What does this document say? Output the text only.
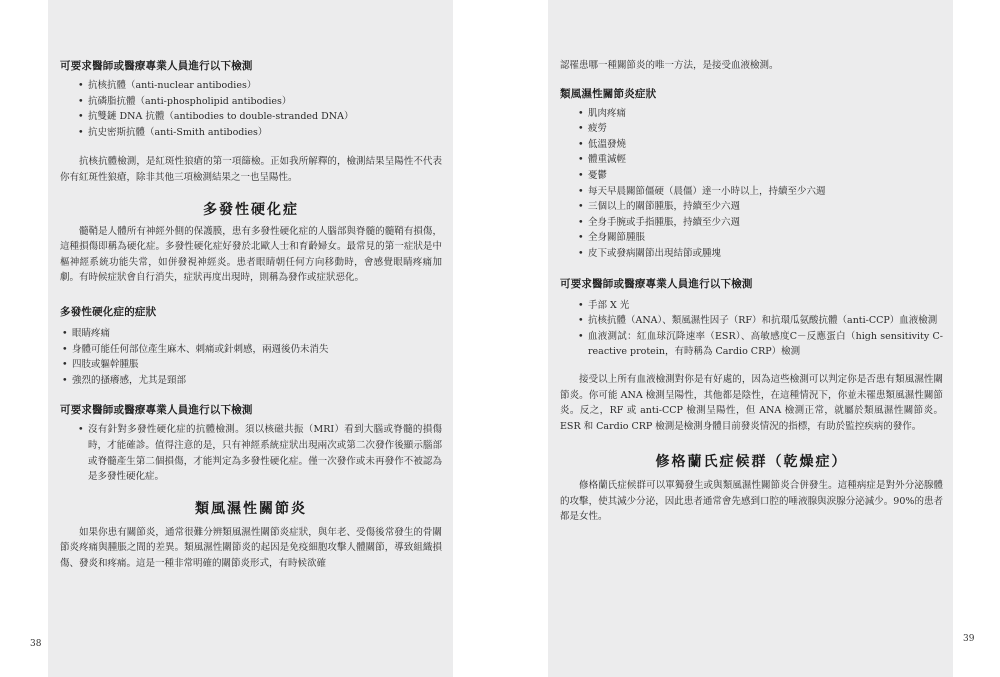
38	39
可要求醫師或醫療專業人員進行以下檢測
• 抗核抗體（anti-nuclear antibodies）
• 抗磷脂抗體（anti-phospholipid antibodies）
• 抗雙鏈 DNA 抗體（antibodies to double-stranded DNA）
• 抗史密斯抗體（anti-Smith antibodies）

抗核抗體檢測，是紅斑性狼瘡的第一項篩檢。正如我所解釋的，檢測結果呈陽性不代表你有紅斑性狼瘡，除非其他三項檢測結果之一也呈陽性。

多發性硬化症

髓鞘是人體所有神經外側的保護膜，患有多發性硬化症的人腦部與脊髓的髓鞘有損傷，這種損傷即稱為硬化症。多發性硬化症好發於北歐人士和育齡婦女。最常見的第一症狀是中樞神經系統功能失常，如併發視神經炎。患者眼睛朝任何方向移動時，會感覺眼睛疼痛加劇。有時候症狀會自行消失，症狀再度出現時，則稱為發作或症狀惡化。

多發性硬化症的症狀
• 眼睛疼痛
• 身體可能任何部位產生麻木、刺痛或針刺感，兩週後仍未消失
• 四肢或軀幹腫脹
• 強烈的搔癢感，尤其是頸部
可要求醫師或醫療專業人員進行以下檢測
• 沒有針對多發性硬化症的抗體檢測。須以核磁共振（MRI）看到大腦或脊髓的損傷時，才能確診。值得注意的是，只有神經系統症狀出現兩次或第二次發作後顯示腦部或脊髓產生第二個損傷，才能判定為多發性硬化症。僅一次發作或未再發作不被認為是多發性硬化症。
類風濕性關節炎

如果你患有關節炎，通常很難分辨類風濕性關節炎症狀，與年老、受傷後常發生的骨關節炎疼痛與腫脹之間的差異。類風濕性關節炎的起因是免疫細胞攻擊人體關節，導致組織損傷、發炎和疼痛。這是一種非常明確的關節炎形式，有時候欲確

認罹患哪一種關節炎的唯一方法，是接受血液檢測。

類風濕性關節炎症狀
• 肌肉疼痛
• 疲勞
• 低溫發燒
• 體重減輕
• 憂鬱
• 每天早晨關節僵硬（晨僵）達一小時以上，持續至少六週
• 三個以上的關節腫脹，持續至少六週
• 全身手腕或手指腫脹，持續至少六週
• 全身關節腫脹
• 皮下或發病關節出現結節或腫塊
可要求醫師或醫療專業人員進行以下檢測
• 手部 X 光
• 抗核抗體（ANA）、類風濕性因子（RF）和抗環瓜氨酸抗體（anti-CCP）血液檢測
• 血液測試：紅血球沉降速率（ESR）、高敏感度C－反應蛋白（high sensitivity C-reactive protein，有時稱為 Cardio CRP）檢測

接受以上所有血液檢測對你是有好處的，因為這些檢測可以判定你是否患有類風濕性關節炎。你可能 ANA 檢測呈陽性，其他都是陰性，在這種情況下，你並未罹患類風濕性關節炎。反之，RF 或 anti-CCP 檢測呈陽性，但 ANA 檢測正常，就屬於類風濕性關節炎。ESR 和 Cardio CRP 檢測是檢測身體目前發炎情況的指標，有助於監控疾病的發作。

修格蘭氏症候群（乾燥症）

修格蘭氏症候群可以單獨發生或與類風濕性關節炎合併發生。這種病症是對外分泌腺體的攻擊，使其減少分泌，因此患者通常會先感到口腔的唾液腺與淚腺分泌減少。90%的患者都是女性。
